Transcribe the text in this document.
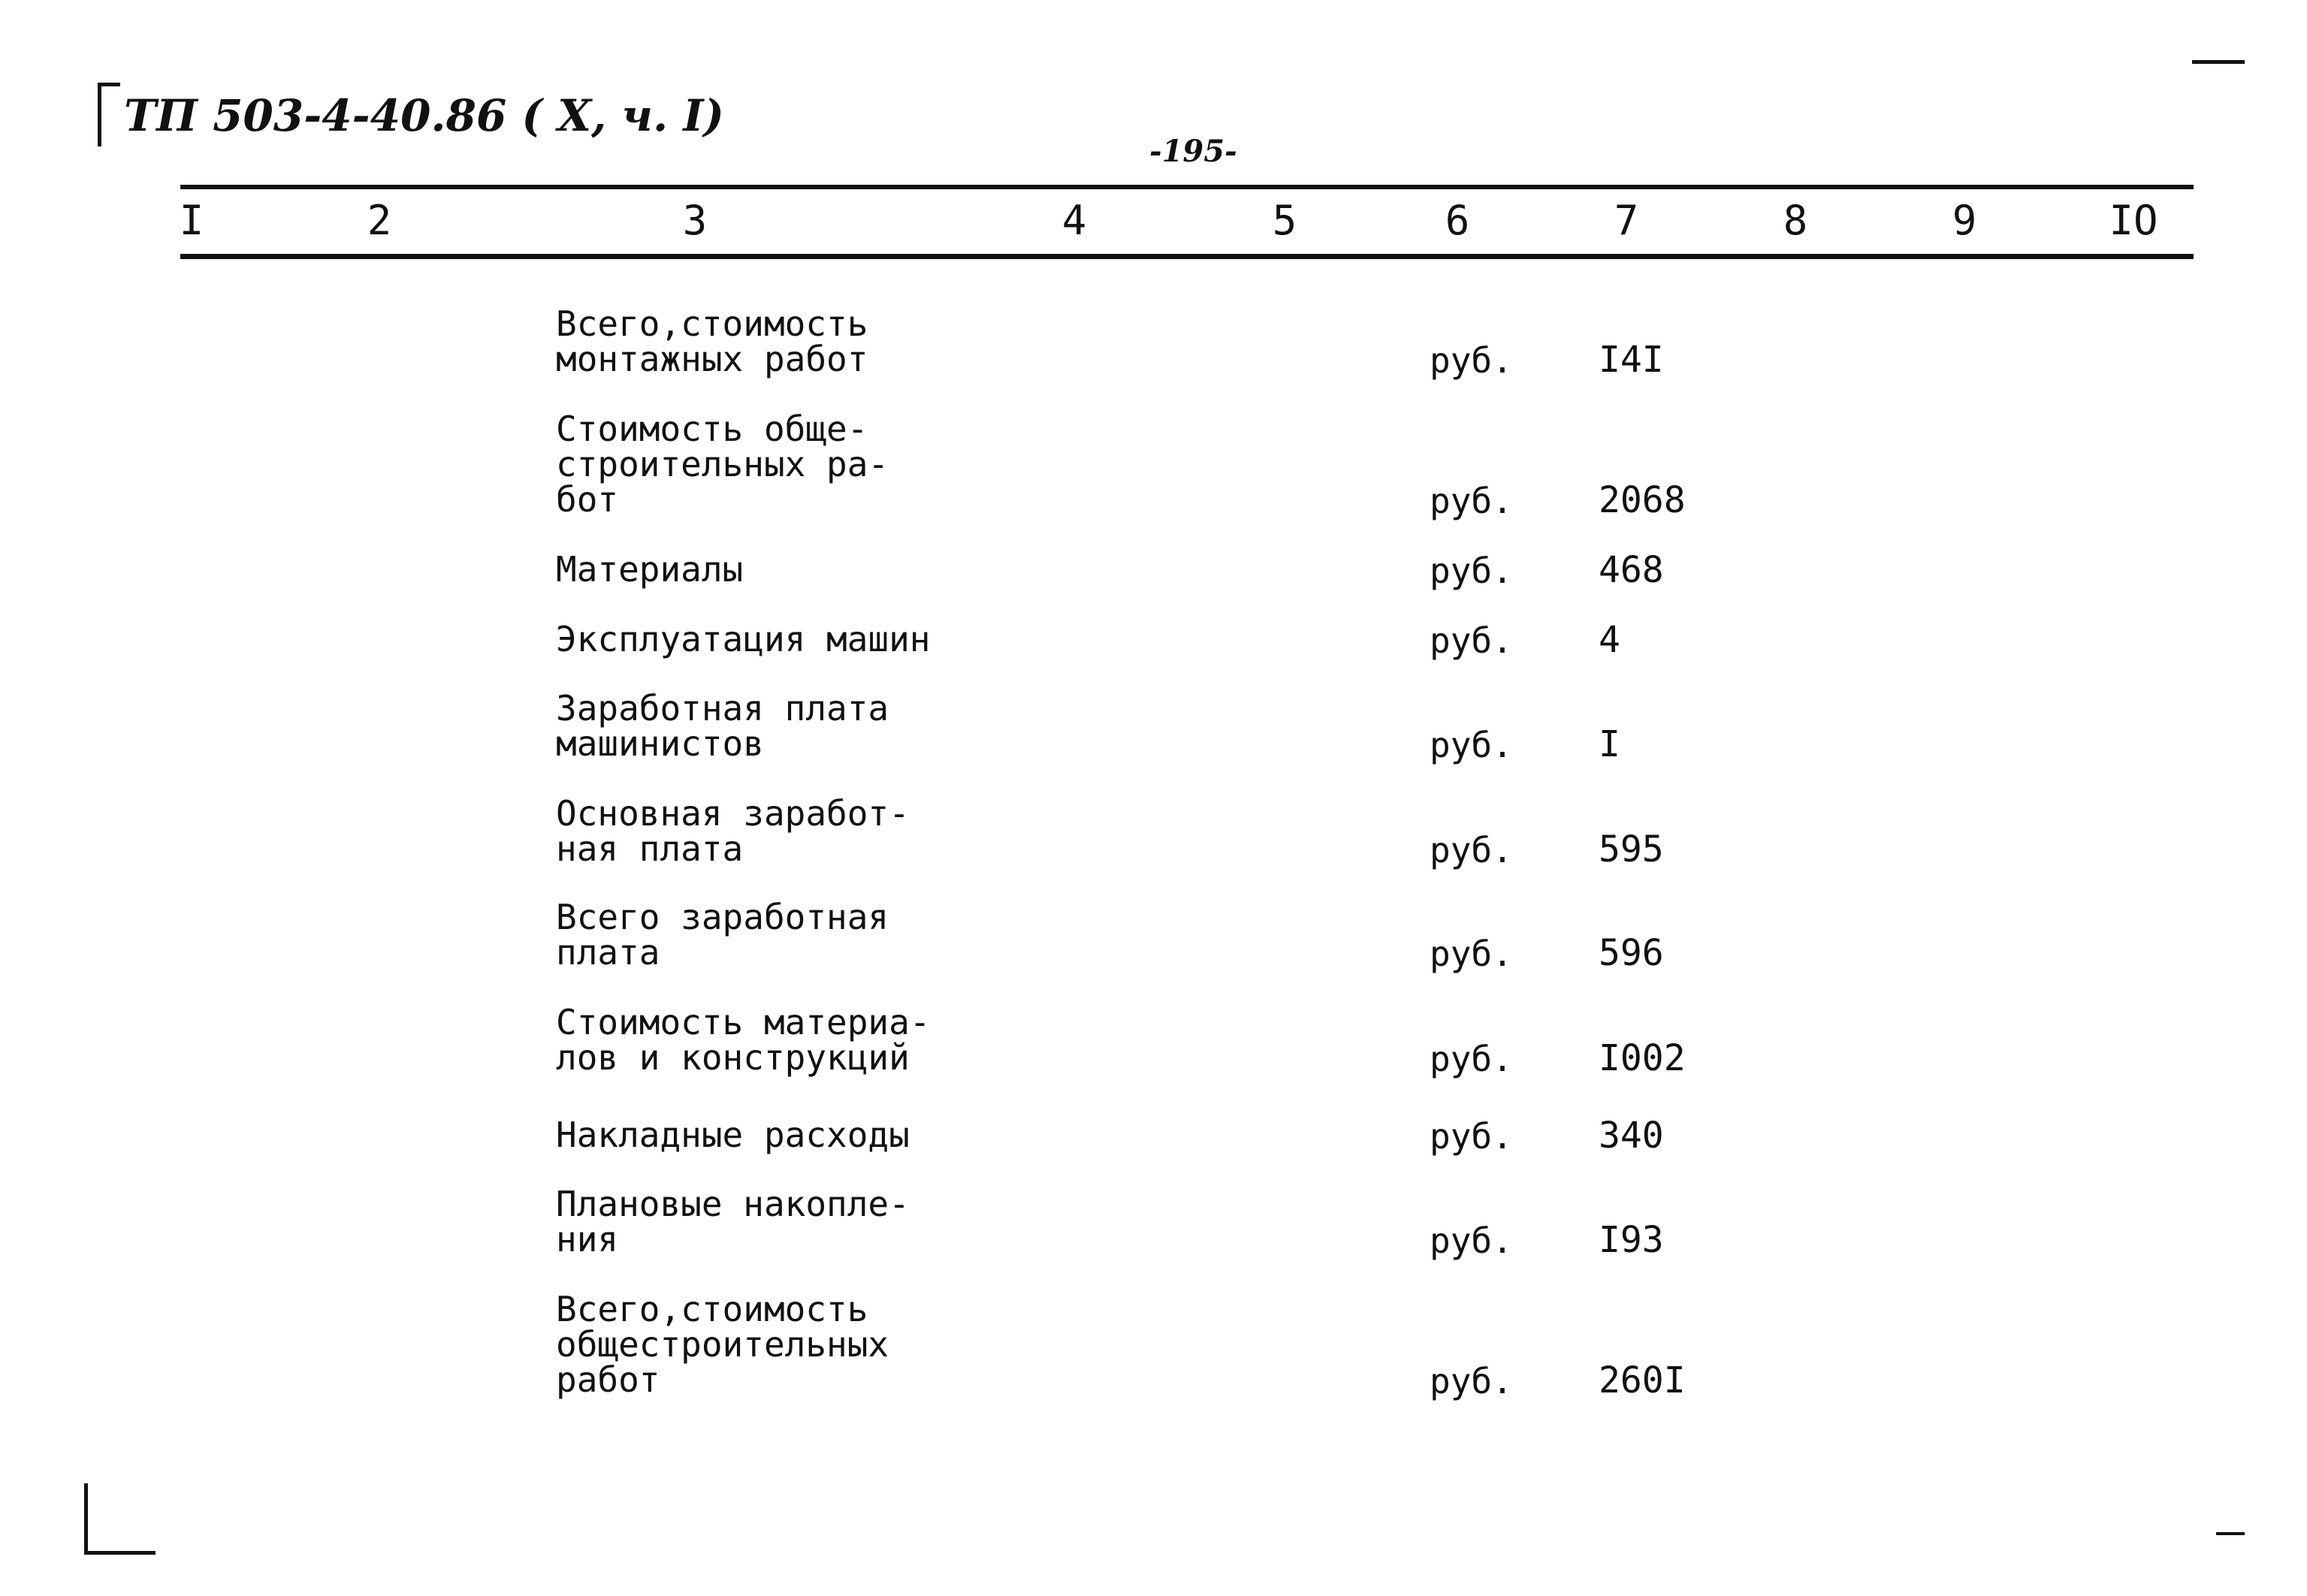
ТП 503-4-40.86 ( Х, ч. I)
-195-
I	2	3	4	5	6	7	8	9	IO
Всего,стоимость
монтажных работ	руб. I4I
Стоимость обще-
строительных ра-
бот	руб. 2068
Материалы	руб. 468
Эксплуатация машин	руб. 4
Заработная плата
машинистов	руб. I
Основная заработ-
ная плата	руб. 595
Всего заработная
плата	руб. 596
Стоимость материа-
лов и конструкций	руб. I002
Накладные расходы	руб. 340
Плановые накопле-
ния	руб. I93
Всего,стоимость
общестроительных
работ	руб. 260I
